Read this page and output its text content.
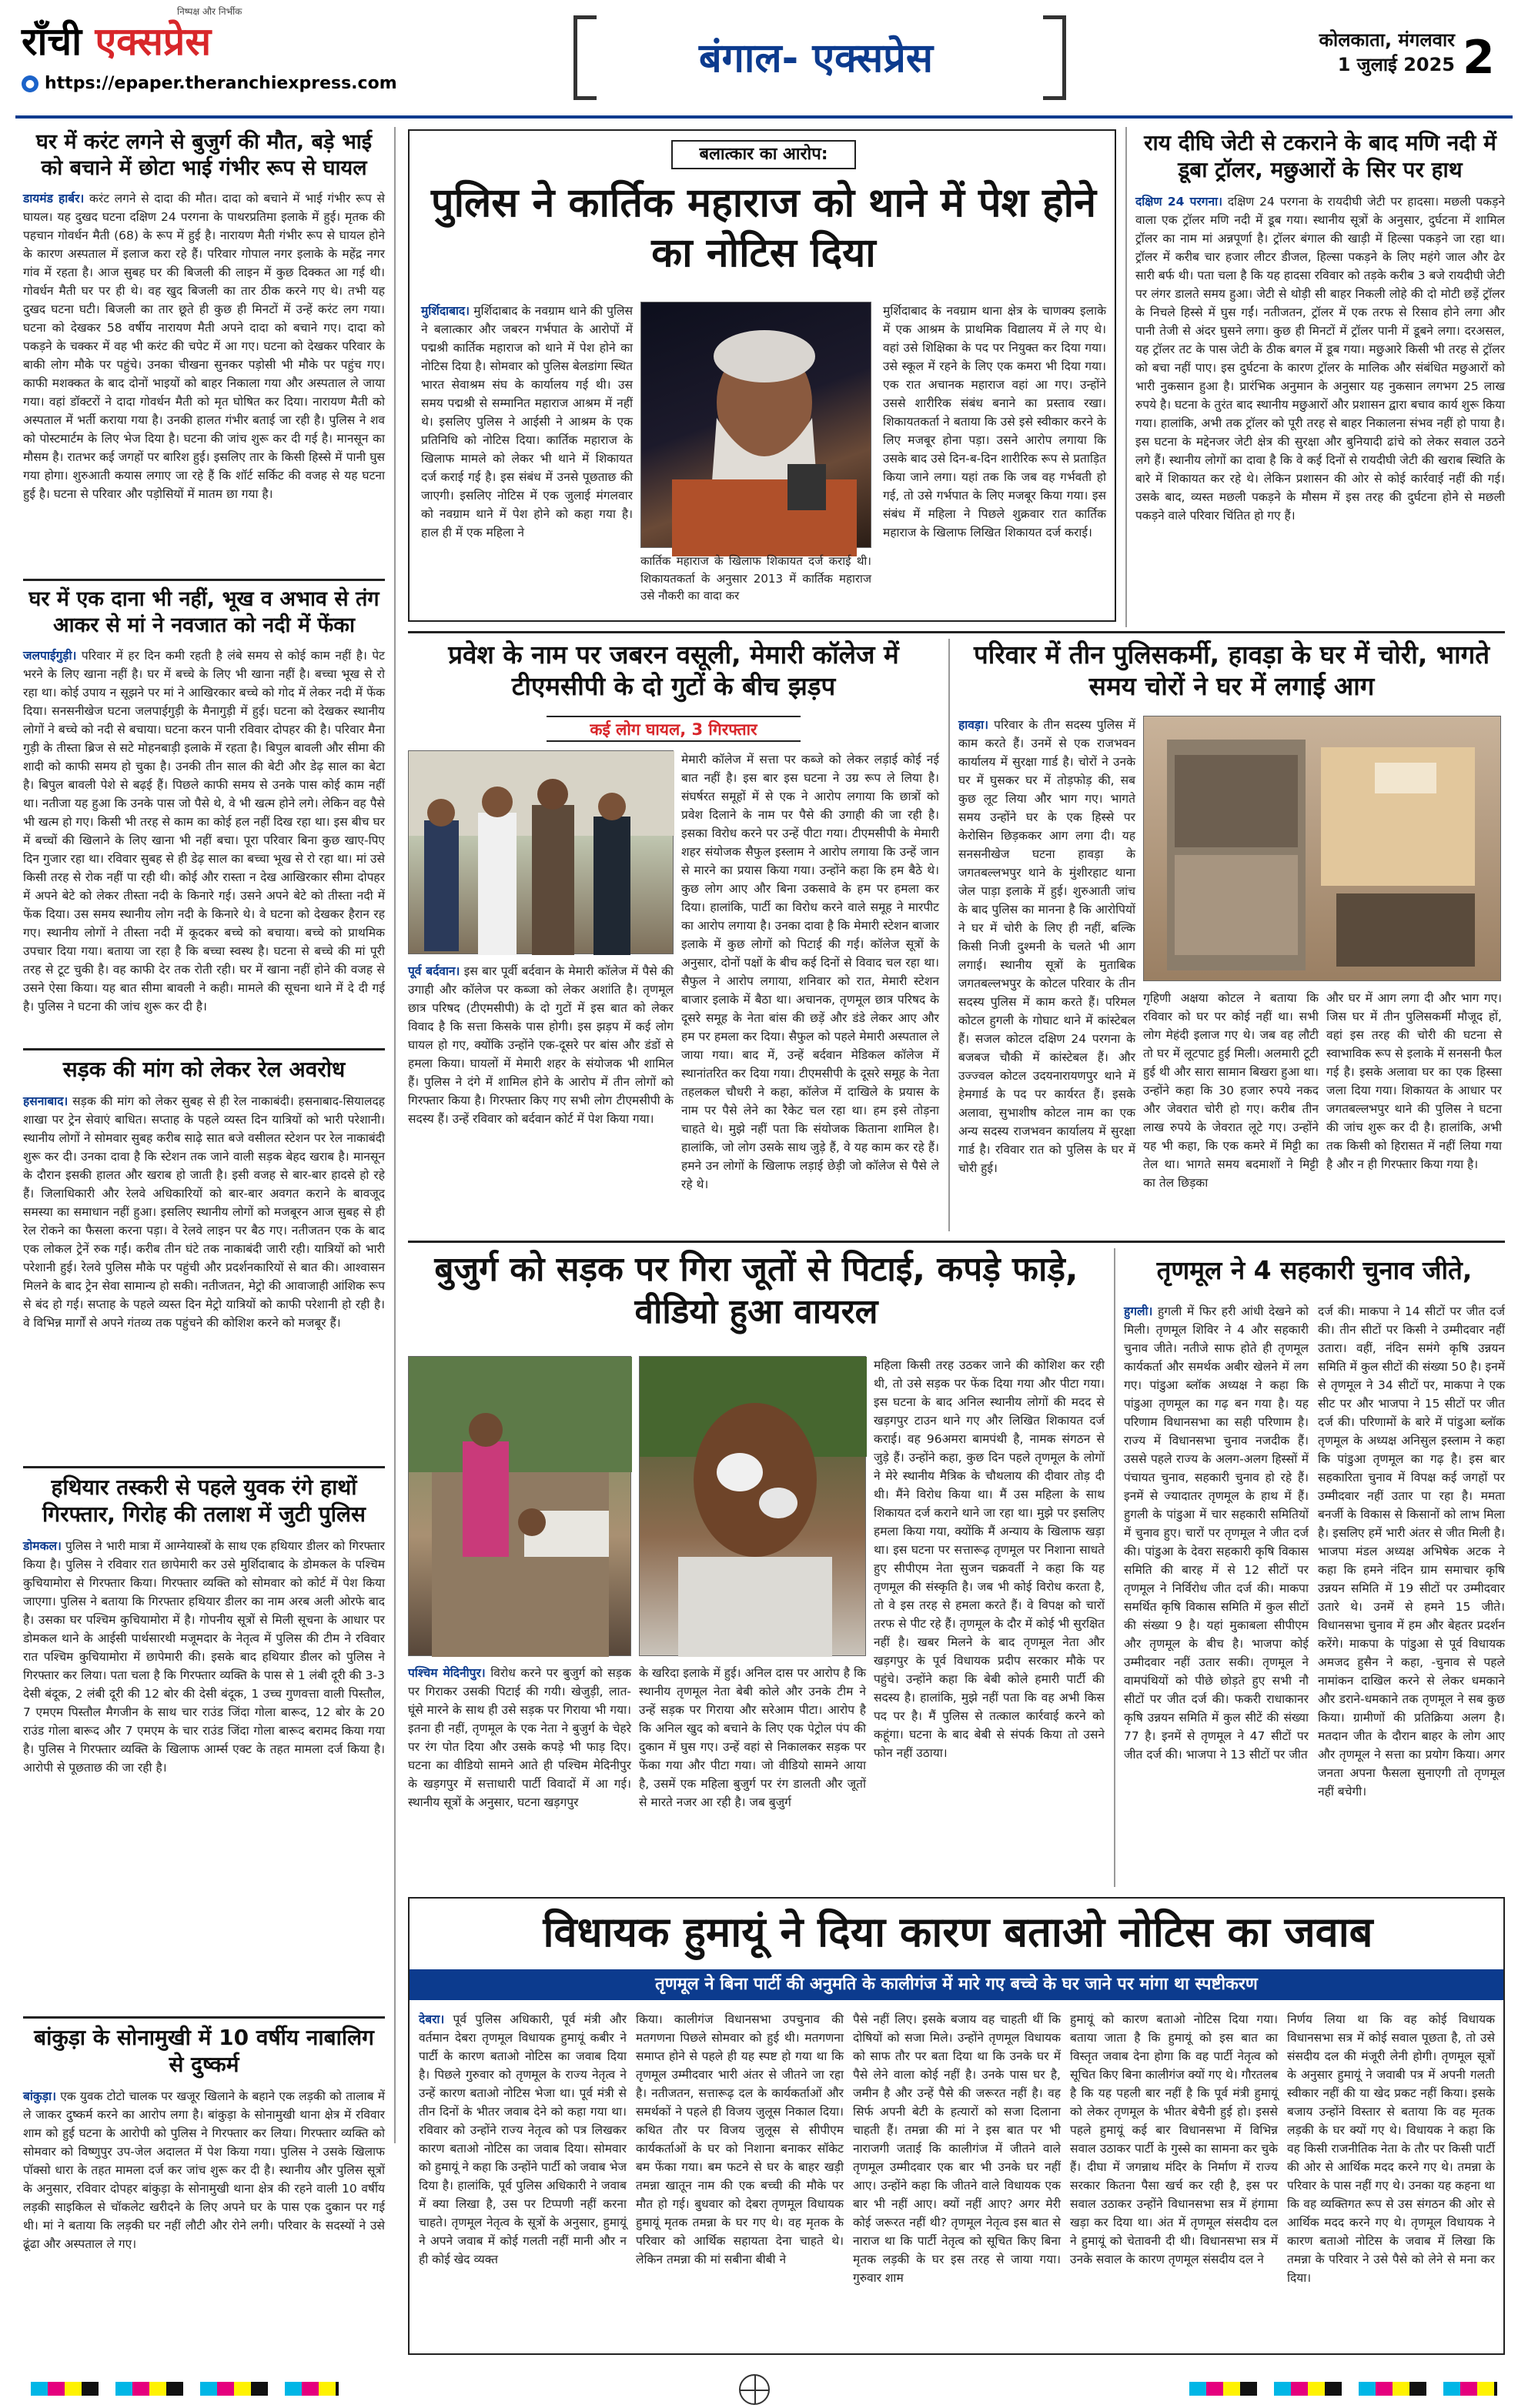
राँची एक्सप्रेस
निष्पक्ष और निर्भीक
● https://epaper.theranchiexpress.com
बंगाल- एक्सप्रेस	कोलकाता, मंगलवार
1 जुलाई 2025 2
घर में करंट लगने से बुजुर्ग की मौत, बड़े भाई को बचाने में छोटा भाई गंभीर रूप से घायल
डायमंड हार्बर। करंट लगने से दादा की मौत। दादा को बचाने में भाई गंभीर रूप से घायल। यह दुखद घटना दक्षिण 24 परगना के पाथरप्रतिमा इलाके में हुई। मृतक की पहचान गोवर्धन मैती (68) के रूप में हुई है। नारायण मैती गंभीर रूप से घायल होने के कारण अस्पताल में इलाज करा रहे हैं। परिवार गोपाल नगर इलाके के महेंद्र नगर गांव में रहता है। आज सुबह घर की बिजली की लाइन में कुछ दिक्कत आ गई थी। गोवर्धन मैती घर पर ही थे। वह खुद बिजली का तार ठीक करने गए थे। तभी यह दुखद घटना घटी। बिजली का तार छूते ही कुछ ही मिनटों में उन्हें करंट लग गया। घटना को देखकर 58 वर्षीय नारायण मैती अपने दादा को बचाने गए। दादा को पकड़ने के चक्कर में वह भी करंट की चपेट में आ गए। घटना को देखकर परिवार के बाकी लोग मौके पर पहुंचे। उनका चीखना सुनकर पड़ोसी भी मौके पर पहुंच गए। काफी मशक्कत के बाद दोनों भाइयों को बाहर निकाला गया और अस्पताल ले जाया गया। वहां डॉक्टरों ने दादा गोवर्धन मैती को मृत घोषित कर दिया। नारायण मैती को अस्पताल में भर्ती कराया गया है। उनकी हालत गंभीर बताई जा रही है। पुलिस ने शव को पोस्टमार्टम के लिए भेज दिया है। घटना की जांच शुरू कर दी गई है। मानसून का मौसम है। रातभर कई जगहों पर बारिश हुई। इसलिए तार के किसी हिस्से में पानी घुस गया होगा। शुरुआती कयास लगाए जा रहे हैं कि शॉर्ट सर्किट की वजह से यह घटना हुई है। घटना से परिवार और पड़ोसियों में मातम छा गया है।
घर में एक दाना भी नहीं, भूख व अभाव से तंग आकर से मां ने नवजात को नदी में फेंका
जलपाईगुड़ी। परिवार में हर दिन कमी रहती है लंबे समय से कोई काम नहीं है। पेट भरने के लिए खाना नहीं है। घर में बच्चे के लिए भी खाना नहीं है। बच्चा भूख से रो रहा था। कोई उपाय न सूझने पर मां ने आखिरकार बच्चे को गोद में लेकर नदी में फेंक दिया। सनसनीखेज घटना जलपाईगुड़ी के मैनागुड़ी में हुई। घटना को देखकर स्थानीय लोगों ने बच्चे को नदी से बचाया। घटना करन पानी रविवार दोपहर की है। परिवार मैना गुड़ी के तीस्ता ब्रिज से सटे मोहनबाड़ी इलाके में रहता है। बिपुल बावली और सीमा की शादी को काफी समय हो चुका है। उनकी तीन साल की बेटी और डेढ़ साल का बेटा है। बिपुल बावली पेशे से बढ़ई हैं। पिछले काफी समय से उनके पास कोई काम नहीं था। नतीजा यह हुआ कि उनके पास जो पैसे थे, वे भी खत्म होने लगे। लेकिन वह पैसे भी खत्म हो गए। किसी भी तरह से काम का कोई हल नहीं दिख रहा था। इस बीच घर में बच्चों की खिलाने के लिए खाना भी नहीं बचा। पूरा परिवार बिना कुछ खाए-पिए दिन गुजार रहा था। रविवार सुबह से ही डेढ़ साल का बच्चा भूख से रो रहा था। मां उसे किसी तरह से रोक नहीं पा रही थी। कोई और रास्ता न देख आखिरकार सीमा दोपहर में अपने बेटे को लेकर तीस्ता नदी के किनारे गई। उसने अपने बेटे को तीस्ता नदी में फेंक दिया। उस समय स्थानीय लोग नदी के किनारे थे। वे घटना को देखकर हैरान रह गए। स्थानीय लोगों ने तीस्ता नदी में कूदकर बच्चे को बचाया। बच्चे को प्राथमिक उपचार दिया गया। बताया जा रहा है कि बच्चा स्वस्थ है। घटना से बच्चे की मां पूरी तरह से टूट चुकी है। वह काफी देर तक रोती रही। घर में खाना नहीं होने की वजह से उसने ऐसा किया। यह बात सीमा बावली ने कही। मामले की सूचना थाने में दे दी गई है। पुलिस ने घटना की जांच शुरू कर दी है।
सड़क की मांग को लेकर रेल अवरोध
हसनाबाद। सड़क की मांग को लेकर सुबह से ही रेल नाकाबंदी। हसनाबाद-सियालदह शाखा पर ट्रेन सेवाएं बाधित। सप्ताह के पहले व्यस्त दिन यात्रियों को भारी परेशानी। स्थानीय लोगों ने सोमवार सुबह करीब साढ़े सात बजे वसीलत स्टेशन पर रेल नाकाबंदी शुरू कर दी। उनका दावा है कि स्टेशन तक जाने वाली सड़क बेहद खराब है। मानसून के दौरान इसकी हालत और खराब हो जाती है। इसी वजह से बार-बार हादसे हो रहे हैं। जिलाधिकारी और रेलवे अधिकारियों को बार-बार अवगत कराने के बावजूद समस्या का समाधान नहीं हुआ। इसलिए स्थानीय लोगों को मजबूरन आज सुबह से ही रेल रोकने का फैसला करना पड़ा। वे रेलवे लाइन पर बैठ गए। नतीजतन एक के बाद एक लोकल ट्रेनें रुक गईं। करीब तीन घंटे तक नाकाबंदी जारी रही। यात्रियों को भारी परेशानी हुई। रेलवे पुलिस मौके पर पहुंची और प्रदर्शनकारियों से बात की। आश्वासन मिलने के बाद ट्रेन सेवा सामान्य हो सकी। नतीजतन, मेट्रो की आवाजाही आंशिक रूप से बंद हो गई। सप्ताह के पहले व्यस्त दिन मेट्रो यात्रियों को काफी परेशानी हो रही है। वे विभिन्न मार्गों से अपने गंतव्य तक पहुंचने की कोशिश करने को मजबूर हैं।
हथियार तस्करी से पहले युवक रंगे हाथों गिरफ्तार, गिरोह की तलाश में जुटी पुलिस
डोमकल। पुलिस ने भारी मात्रा में आग्नेयास्त्रों के साथ एक हथियार डीलर को गिरफ्तार किया है। पुलिस ने रविवार रात छापेमारी कर उसे मुर्शिदाबाद के डोमकल के पश्चिम कुचियामोरा से गिरफ्तार किया। गिरफ्तार व्यक्ति को सोमवार को कोर्ट में पेश किया जाएगा। पुलिस ने बताया कि गिरफ्तार हथियार डीलर का नाम अरब अली ओरफे बाद है। उसका घर पश्चिम कुचियामोरा में है। गोपनीय सूत्रों से मिली सूचना के आधार पर डोमकल थाने के आईसी पार्थसारथी मजूमदार के नेतृत्व में पुलिस की टीम ने रविवार रात पश्चिम कुचियामोरा में छापेमारी की। इसके बाद हथियार डीलर को पुलिस ने गिरफ्तार कर लिया। पता चला है कि गिरफ्तार व्यक्ति के पास से 1 लंबी दूरी की 3-3 देसी बंदूक, 2 लंबी दूरी की 12 बोर की देसी बंदूक, 1 उच्च गुणवत्ता वाली पिस्तौल, 7 एमएम पिस्तौल मैगजीन के साथ चार राउंड जिंदा गोला बारूद, 12 बोर के 20 राउंड गोला बारूद और 7 एमएम के चार राउंड जिंदा गोला बारूद बरामद किया गया है। पुलिस ने गिरफ्तार व्यक्ति के खिलाफ आर्म्स एक्ट के तहत मामला दर्ज किया है। आरोपी से पूछताछ की जा रही है।
बांकुड़ा के सोनामुखी में 10 वर्षीय नाबालिग से दुष्कर्म
बांकुड़ा। एक युवक टोटो चालक पर खजूर खिलाने के बहाने एक लड़की को तालाब में ले जाकर दुष्कर्म करने का आरोप लगा है। बांकुड़ा के सोनामुखी थाना क्षेत्र में रविवार शाम को हुई घटना के आरोपी को पुलिस ने गिरफ्तार कर लिया। गिरफ्तार व्यक्ति को सोमवार को विष्णुपुर उप-जेल अदालत में पेश किया गया। पुलिस ने उसके खिलाफ पॉक्सो धारा के तहत मामला दर्ज कर जांच शुरू कर दी है। स्थानीय और पुलिस सूत्रों के अनुसार, रविवार दोपहर बांकुड़ा के सोनामुखी थाना क्षेत्र की रहने वाली 10 वर्षीय लड़की साइकिल से चॉकलेट खरीदने के लिए अपने घर के पास एक दुकान पर गई थी। मां ने बताया कि लड़की घर नहीं लौटी और रोने लगी। परिवार के सदस्यों ने उसे ढूंढा और अस्पताल ले गए।
बलात्कार का आरोप:
पुलिस ने कार्तिक महाराज को थाने में पेश होने का नोटिस दिया
मुर्शिदाबाद। मुर्शिदाबाद के नवग्राम थाने की पुलिस ने बलात्कार और जबरन गर्भपात के आरोपों में पद्मश्री कार्तिक महाराज को थाने में पेश होने का नोटिस दिया है। सोमवार को पुलिस बेलडांगा स्थित भारत सेवाश्रम संघ के कार्यालय गई थी। उस समय पद्मश्री से सम्मानित महाराज आश्रम में नहीं थे। इसलिए पुलिस ने आईसी ने आश्रम के एक प्रतिनिधि को नोटिस दिया। कार्तिक महाराज के खिलाफ मामले को लेकर भी थाने में शिकायत दर्ज कराई गई है। इस संबंध में उनसे पूछताछ की जाएगी। इसलिए नोटिस में एक जुलाई मंगलवार को नवग्राम थाने में पेश होने को कहा गया है। हाल ही में एक महिला ने
कार्तिक महाराज के खिलाफ शिकायत दर्ज कराई थी। शिकायतकर्ता के अनुसार 2013 में कार्तिक महाराज उसे नौकरी का वादा कर
मुर्शिदाबाद के नवग्राम थाना क्षेत्र के चाणक्य इलाके में एक आश्रम के प्राथमिक विद्यालय में ले गए थे। वहां उसे शिक्षिका के पद पर नियुक्त कर दिया गया। उसे स्कूल में रहने के लिए एक कमरा भी दिया गया। एक रात अचानक महाराज वहां आ गए। उन्होंने उससे शारीरिक संबंध बनाने का प्रस्ताव रखा। शिकायतकर्ता ने बताया कि उसे इसे स्वीकार करने के लिए मजबूर होना पड़ा। उसने आरोप लगाया कि उसके बाद उसे दिन-ब-दिन शारीरिक रूप से प्रताड़ित किया जाने लगा। यहां तक कि जब वह गर्भवती हो गई, तो उसे गर्भपात के लिए मजबूर किया गया। इस संबंध में महिला ने पिछले शुक्रवार रात कार्तिक महाराज के खिलाफ लिखित शिकायत दर्ज कराई।
राय दीघि जेटी से टकराने के बाद मणि नदी में डूबा ट्रॉलर, मछुआरों के सिर पर हाथ
दक्षिण 24 परगना। दक्षिण 24 परगना के रायदीघी जेटी पर हादसा। मछली पकड़ने वाला एक ट्रॉलर मणि नदी में डूब गया। स्थानीय सूत्रों के अनुसार, दुर्घटना में शामिल ट्रॉलर का नाम मां अन्नपूर्णा है। ट्रॉलर बंगाल की खाड़ी में हिल्सा पकड़ने जा रहा था। ट्रॉलर में करीब चार हजार लीटर डीजल, हिल्सा पकड़ने के लिए महंगे जाल और ढेर सारी बर्फ थी। पता चला है कि यह हादसा रविवार को तड़के करीब 3 बजे रायदीघी जेटी पर लंगर डालते समय हुआ। जेटी से थोड़ी सी बाहर निकली लोहे की दो मोटी छड़ें ट्रॉलर के निचले हिस्से में घुस गईं। नतीजतन, ट्रॉलर में एक तरफ से रिसाव होने लगा और पानी तेजी से अंदर घुसने लगा। कुछ ही मिनटों में ट्रॉलर पानी में डूबने लगा। दरअसल, यह ट्रॉलर तट के पास जेटी के ठीक बगल में डूब गया। मछुआरे किसी भी तरह से ट्रॉलर को बचा नहीं पाए। इस दुर्घटना के कारण ट्रॉलर के मालिक और संबंधित मछुआरों को भारी नुकसान हुआ है। प्रारंभिक अनुमान के अनुसार यह नुकसान लगभग 25 लाख रुपये है। घटना के तुरंत बाद स्थानीय मछुआरों और प्रशासन द्वारा बचाव कार्य शुरू किया गया। हालांकि, अभी तक ट्रॉलर को पूरी तरह से बाहर निकालना संभव नहीं हो पाया है। इस घटना के मद्देनजर जेटी क्षेत्र की सुरक्षा और बुनियादी ढांचे को लेकर सवाल उठने लगे हैं। स्थानीय लोगों का दावा है कि वे कई दिनों से रायदीघी जेटी की खराब स्थिति के बारे में शिकायत कर रहे थे। लेकिन प्रशासन की ओर से कोई कार्रवाई नहीं की गई। उसके बाद, व्यस्त मछली पकड़ने के मौसम में इस तरह की दुर्घटना होने से मछली पकड़ने वाले परिवार चिंतित हो गए हैं।
प्रवेश के नाम पर जबरन वसूली, मेमारी कॉलेज में टीएमसीपी के दो गुटों के बीच झड़प
कई लोग घायल, 3 गिरफ्तार
मेमारी कॉलेज में सत्ता पर कब्जे को लेकर लड़ाई कोई नई बात नहीं है। इस बार इस घटना ने उग्र रूप ले लिया है। संघर्षरत समूहों में से एक ने आरोप लगाया कि छात्रों को प्रवेश दिलाने के नाम पर पैसे की उगाही की जा रही है। इसका विरोध करने पर उन्हें पीटा गया। टीएमसीपी के मेमारी शहर संयोजक सैफुल इस्लाम ने आरोप लगाया कि उन्हें जान से मारने का प्रयास किया गया। उन्होंने कहा कि हम बैठे थे। कुछ लोग आए और बिना उकसावे के हम पर हमला कर दिया। हालांकि, पार्टी का विरोध करने वाले समूह ने मारपीट का आरोप लगाया है। उनका दावा है कि मेमारी स्टेशन बाजार इलाके में कुछ लोगों को पिटाई की गई। कॉलेज सूत्रों के अनुसार, दोनों पक्षों के बीच कई दिनों से विवाद चल रहा था। सैफुल ने आरोप लगाया, शनिवार को रात, मेमारी स्टेशन बाजार इलाके में बैठा था। अचानक, तृणमूल छात्र परिषद के दूसरे समूह के नेता बांस की छड़ें और डंडे लेकर आए और हम पर हमला कर दिया। सैफुल को पहले मेमारी अस्पताल ले जाया गया। बाद में, उन्हें बर्दवान मेडिकल कॉलेज में स्थानांतरित कर दिया गया। टीएमसीपी के दूसरे समूह के नेता तहलकल चौधरी ने कहा, कॉलेज में दाखिले के प्रयास के नाम पर पैसे लेने का रैकेट चल रहा था। हम इसे तोड़ना चाहते थे। मुझे नहीं पता कि संयोजक किताना शामिल है। हालांकि, जो लोग उसके साथ जुड़े हैं, वे यह काम कर रहे हैं। हमने उन लोगों के खिलाफ लड़ाई छेड़ी जो कॉलेज से पैसे ले रहे थे।
पूर्व बर्दवान। इस बार पूर्वी बर्दवान के मेमारी कॉलेज में पैसे की उगाही और कॉलेज पर कब्जा को लेकर अशांति है। तृणमूल छात्र परिषद (टीएमसीपी) के दो गुटों में इस बात को लेकर विवाद है कि सत्ता किसके पास होगी। इस झड़प में कई लोग घायल हो गए, क्योंकि उन्होंने एक-दूसरे पर बांस और डंडों से हमला किया। घायलों में मेमारी शहर के संयोजक भी शामिल हैं। पुलिस ने दंगे में शामिल होने के आरोप में तीन लोगों को गिरफ्तार किया है। गिरफ्तार किए गए सभी लोग टीएमसीपी के सदस्य हैं। उन्हें रविवार को बर्दवान कोर्ट में पेश किया गया।
परिवार में तीन पुलिसकर्मी, हावड़ा के घर में चोरी, भागते समय चोरों ने घर में लगाई आग
हावड़ा। परिवार के तीन सदस्य पुलिस में काम करते हैं। उनमें से एक राजभवन कार्यालय में सुरक्षा गार्ड है। चोरों ने उनके घर में घुसकर घर में तोड़फोड़ की, सब कुछ लूट लिया और भाग गए। भागते समय उन्होंने घर के एक हिस्से पर केरोसिन छिड़ककर आग लगा दी। यह सनसनीखेज घटना हावड़ा के जगतबल्लभपुर थाने के मुंशीरहाट थाना जेल पाड़ा इलाके में हुई। शुरुआती जांच के बाद पुलिस का मानना है कि आरोपियों ने घर में चोरी के लिए ही नहीं, बल्कि किसी निजी दुश्मनी के चलते भी आग लगाई। स्थानीय सूत्रों के मुताबिक जगतबल्लभपुर के कोटल परिवार के तीन सदस्य पुलिस में काम करते हैं। परिमल कोटल हुगली के गोघाट थाने में कांस्टेबल हैं। सजल कोटल दक्षिण 24 परगना के बजबज चौकी में कांस्टेबल हैं। और उज्ज्वल कोटल उदयनारायणपुर थाने में हेमगार्ड के पद पर कार्यरत हैं। इसके अलावा, सुभाशीष कोटल नाम का एक अन्य सदस्य राजभवन कार्यालय में सुरक्षा गार्ड है। रविवार रात को पुलिस के घर में चोरी हुई।
गृहिणी अक्षया कोटल ने बताया कि रविवार को घर पर कोई नहीं था। सभी लोग मेहंदी इलाज गए थे। जब वह लौटी तो घर में लूटपाट हुई मिली। अलमारी टूटी हुई थी और सारा सामान बिखरा हुआ था। उन्होंने कहा कि 30 हजार रुपये नकद और जेवरात चोरी हो गए। करीब तीन लाख रुपये के जेवरात लूटे गए। उन्होंने यह भी कहा, कि एक कमरे में मिट्टी का तेल था। भागते समय बदमाशों ने मिट्टी का तेल छिड़का
और घर में आग लगा दी और भाग गए। जिस घर में तीन पुलिसकर्मी मौजूद हों, वहां इस तरह की चोरी की घटना से स्वाभाविक रूप से इलाके में सनसनी फैल गई है। इसके अलावा घर का एक हिस्सा जला दिया गया। शिकायत के आधार पर जगतबल्लभपुर थाने की पुलिस ने घटना की जांच शुरू कर दी है। हालांकि, अभी तक किसी को हिरासत में नहीं लिया गया है और न ही गिरफ्तार किया गया है।
बुजुर्ग को सड़क पर गिरा जूतों से पिटाई, कपड़े फाड़े, वीडियो हुआ वायरल
महिला किसी तरह उठकर जाने की कोशिश कर रही थी, तो उसे सड़क पर फेंक दिया गया और पीटा गया। इस घटना के बाद अनिल स्थानीय लोगों की मदद से खड़गपुर टाउन थाने गए और लिखित शिकायत दर्ज कराई। वह 96अमरा बामपंथी है, नामक संगठन से जुड़े हैं। उन्होंने कहा, कुछ दिन पहले तृणमूल के लोगों ने मेरे स्थानीय मैत्रिक के चौथलाय की दीवार तोड़ दी थी। मैंने विरोध किया था। मैं उस महिला के साथ शिकायत दर्ज कराने थाने जा रहा था। मुझे पर इसलिए हमला किया गया, क्योंकि मैं अन्याय के खिलाफ खड़ा था। इस घटना पर सत्तारूढ़ तृणमूल पर निशाना साधते हुए सीपीएम नेता सुजन चक्रवर्ती ने कहा कि यह तृणमूल की संस्कृति है। जब भी कोई विरोध करता है, तो वे इस तरह से हमला करते हैं। वे विपक्ष को चारों तरफ से पीट रहे हैं। तृणमूल के दौर में कोई भी सुरक्षित नहीं है। खबर मिलने के बाद तृणमूल नेता और खड़गपुर के पूर्व विधायक प्रदीप सरकार मौके पर पहुंचे। उन्होंने कहा कि बेबी कोले हमारी पार्टी की सदस्य है। हालांकि, मुझे नहीं पता कि वह अभी किस पद पर है। मैं पुलिस से तत्काल कार्रवाई करने को कहूंगा। घटना के बाद बेबी से संपर्क किया तो उसने फोन नहीं उठाया।
पश्चिम मेदिनीपुर। विरोध करने पर बुजुर्ग को सड़क पर गिराकर उसकी पिटाई की गयी। खेजुड़ी, लात-घूंसे मारने के साथ ही उसे सड़क पर गिराया भी गया। इतना ही नहीं, तृणमूल के एक नेता ने बुजुर्ग के चेहरे पर रंग पोत दिया और उसके कपड़े भी फाड़ दिए। घटना का वीडियो सामने आते ही पश्चिम मेदिनीपुर के खड़गपुर में सत्ताधारी पार्टी विवादों में आ गई। स्थानीय सूत्रों के अनुसार, घटना खड़गपुर
के खरिदा इलाके में हुई। अनिल दास पर आरोप है कि स्थानीय तृणमूल नेता बेबी कोले और उनके टीम ने उन्हें सड़क पर गिराया और सरेआम पीटा। आरोप है कि अनिल खुद को बचाने के लिए एक पेट्रोल पंप की दुकान में घुस गए। उन्हें वहां से निकालकर सड़क पर फेंका गया और पीटा गया। जो वीडियो सामने आया है, उसमें एक महिला बुजुर्ग पर रंग डालती और जूतों से मारते नजर आ रही है। जब बुजुर्ग
तृणमूल ने 4 सहकारी चुनाव जीते,
हुगली। हुगली में फिर हरी आंधी देखने को मिली। तृणमूल शिविर ने 4 और सहकारी चुनाव जीते। नतीजे साफ होते ही तृणमूल कार्यकर्ता और समर्थक अबीर खेलने में लग गए। पांडुआ ब्लॉक अध्यक्ष ने कहा कि पांडुआ तृणमूल का गढ़ बन गया है। यह परिणाम विधानसभा का सही परिणाम है। राज्य में विधानसभा चुनाव नजदीक हैं। उससे पहले राज्य के अलग-अलग हिस्सों में पंचायत चुनाव, सहकारी चुनाव हो रहे हैं। इनमें से ज्यादातर तृणमूल के हाथ में हैं। हुगली के पांडुआ में चार सहकारी समितियों में चुनाव हुए। चारों पर तृणमूल ने जीत दर्ज की। पांडुआ के देवरा सहकारी कृषि विकास समिति की बारह में से 12 सीटों पर तृणमूल ने निर्विरोध जीत दर्ज की। माकपा समर्थित कृषि विकास समिति में कुल सीटों की संख्या 9 है। यहां मुकाबला सीपीएम और तृणमूल के बीच है। भाजपा कोई उम्मीदवार नहीं उतार सकी। तृणमूल ने वामपंथियों को पीछे छोड़ते हुए सभी नौ सीटों पर जीत दर्ज की। फकरी राधाकानर कृषि उन्नयन समिति में कुल सीटें की संख्या 77 है। इनमें से तृणमूल ने 47 सीटों पर जीत दर्ज की। भाजपा ने 13 सीटों पर जीत
दर्ज की। माकपा ने 14 सीटों पर जीत दर्ज की। तीन सीटों पर किसी ने उम्मीदवार नहीं उतारा। वहीं, नंदिन समंगे कृषि उन्नयन समिति में कुल सीटों की संख्या 50 है। इनमें से तृणमूल ने 34 सीटों पर, माकपा ने एक सीट पर और भाजपा ने 15 सीटों पर जीत दर्ज की। परिणामों के बारे में पांडुआ ब्लॉक तृणमूल के अध्यक्ष अनिसुल इस्लाम ने कहा कि पांडुआ तृणमूल का गढ़ है। इस बार सहकारिता चुनाव में विपक्ष कई जगहों पर उम्मीदवार नहीं उतार पा रहा है। ममता बनर्जी के विकास से किसानों को लाभ मिला है। इसलिए हमें भारी अंतर से जीत मिली है। भाजपा मंडल अध्यक्ष अभिषेक अटक ने कहा कि हमने नंदिन ग्राम समाचार कृषि उन्नयन समिति में 19 सीटों पर उम्मीदवार उतारे थे। उनमें से हमने 15 जीते। विधानसभा चुनाव में हम और बेहतर प्रदर्शन करेंगे। माकपा के पांडुआ से पूर्व विधायक अमजद हुसैन ने कहा, -चुनाव से पहले नामांकन दाखिल करने से लेकर धमकाने और डराने-धमकाने तक तृणमूल ने सब कुछ किया। ग्रामीणों की प्रतिक्रिया अलग है। मतदान जीत के दौरान बाहर के लोग आए और तृणमूल ने सत्ता का प्रयोग किया। अगर जनता अपना फैसला सुनाएगी तो तृणमूल नहीं बचेगी।
विधायक हुमायूं ने दिया कारण बताओ नोटिस का जवाब
तृणमूल ने बिना पार्टी की अनुमति के कालीगंज में मारे गए बच्चे के घर जाने पर मांगा था स्पष्टीकरण
देबरा। पूर्व पुलिस अधिकारी, पूर्व मंत्री और वर्तमान देबरा तृणमूल विधायक हुमायूं कबीर ने पार्टी के कारण बताओ नोटिस का जवाब दिया है। पिछले गुरुवार को तृणमूल के राज्य नेतृत्व ने उन्हें कारण बताओ नोटिस भेजा था। पूर्व मंत्री से तीन दिनों के भीतर जवाब देने को कहा गया था। रविवार को उन्होंने राज्य नेतृत्व को पत्र लिखकर कारण बताओ नोटिस का जवाब दिया। सोमवार को हुमायूं ने कहा कि उन्होंने पार्टी को जवाब भेज दिया है। हालांकि, पूर्व पुलिस अधिकारी ने जवाब में क्या लिखा है, उस पर टिप्पणी नहीं करना चाहते। तृणमूल नेतृत्व के सूत्रों के अनुसार, हुमायूं ने अपने जवाब में कोई गलती नहीं मानी और न ही कोई खेद व्यक्त
किया। कालीगंज विधानसभा उपचुनाव की मतगणना पिछले सोमवार को हुई थी। मतगणना समाप्त होने से पहले ही यह स्पष्ट हो गया था कि तृणमूल उम्मीदवार भारी अंतर से जीतने जा रहा है। नतीजतन, सत्तारूढ़ दल के कार्यकर्ताओं और समर्थकों ने पहले ही विजय जुलूस निकाल दिया। कथित तौर पर विजय जुलूस से सीपीएम कार्यकर्ताओं के घर को निशाना बनाकर सॉकेट बम फेंका गया। बम फटने से घर के बाहर खड़ी तमन्ना खातून नाम की एक बच्ची की मौके पर मौत हो गई। बुधवार को देबरा तृणमूल विधायक हुमायूं मृतक तमन्ना के घर गए थे। वह मृतक के परिवार को आर्थिक सहायता देना चाहते थे। लेकिन तमन्ना की मां सबीना बीबी ने
पैसे नहीं लिए। इसके बजाय वह चाहती थीं कि दोषियों को सजा मिले। उन्होंने तृणमूल विधायक को साफ तौर पर बता दिया था कि उनके घर में पैसे लेने वाला कोई नहीं है। उनके पास घर है, जमीन है और उन्हें पैसे की जरूरत नहीं है। वह सिर्फ अपनी बेटी के हत्यारों को सजा दिलाना चाहती हैं। तमन्ना की मां ने इस बात पर भी नाराजगी जताई कि कालीगंज में जीतने वाले तृणमूल उम्मीदवार एक बार भी उनके घर नहीं आए। उन्होंने कहा कि जीतने वाले विधायक एक बार भी नहीं आए। क्यों नहीं आए? अगर मेरी कोई जरूरत नहीं थी? तृणमूल नेतृत्व इस बात से नाराज था कि पार्टी नेतृत्व को सूचित किए बिना मृतक लड़की के घर इस तरह से जाया गया। गुरुवार शाम
हुमायूं को कारण बताओ नोटिस दिया गया। बताया जाता है कि हुमायूं को इस बात का विस्तृत जवाब देना होगा कि वह पार्टी नेतृत्व को सूचित किए बिना कालीगंज क्यों गए थे। गौरतलब है कि यह पहली बार नहीं है कि पूर्व मंत्री हुमायूं को लेकर तृणमूल के भीतर बेचैनी हुई हो। इससे पहले हुमायूं कई बार विधानसभा में विभिन्न सवाल उठाकर पार्टी के गुस्से का सामना कर चुके हैं। दीघा में जगन्नाथ मंदिर के निर्माण में राज्य सरकार कितना पैसा खर्च कर रही है, इस पर सवाल उठाकर उन्होंने विधानसभा सत्र में हंगामा खड़ा कर दिया था। अंत में तृणमूल संसदीय दल ने हुमायूं को चेतावनी दी थी। विधानसभा सत्र में उनके सवाल के कारण तृणमूल संसदीय दल ने
निर्णय लिया था कि वह कोई विधायक विधानसभा सत्र में कोई सवाल पूछता है, तो उसे संसदीय दल की मंजूरी लेनी होगी। तृणमूल सूत्रों के अनुसार हुमायूं ने जवाबी पत्र में अपनी गलती स्वीकार नहीं की या खेद प्रकट नहीं किया। इसके बजाय उन्होंने विस्तार से बताया कि वह मृतक लड़की के घर क्यों गए थे। विधायक ने कहा कि वह किसी राजनीतिक नेता के तौर पर किसी पार्टी की ओर से आर्थिक मदद करने गए थे। तमन्ना के परिवार के पास नहीं गए थे। उनका यह कहना था कि वह व्यक्तिगत रूप से उस संगठन की ओर से आर्थिक मदद करने गए थे। तृणमूल विधायक ने कारण बताओ नोटिस के जवाब में लिखा कि तमन्ना के परिवार ने उसे पैसे को लेने से मना कर दिया।
